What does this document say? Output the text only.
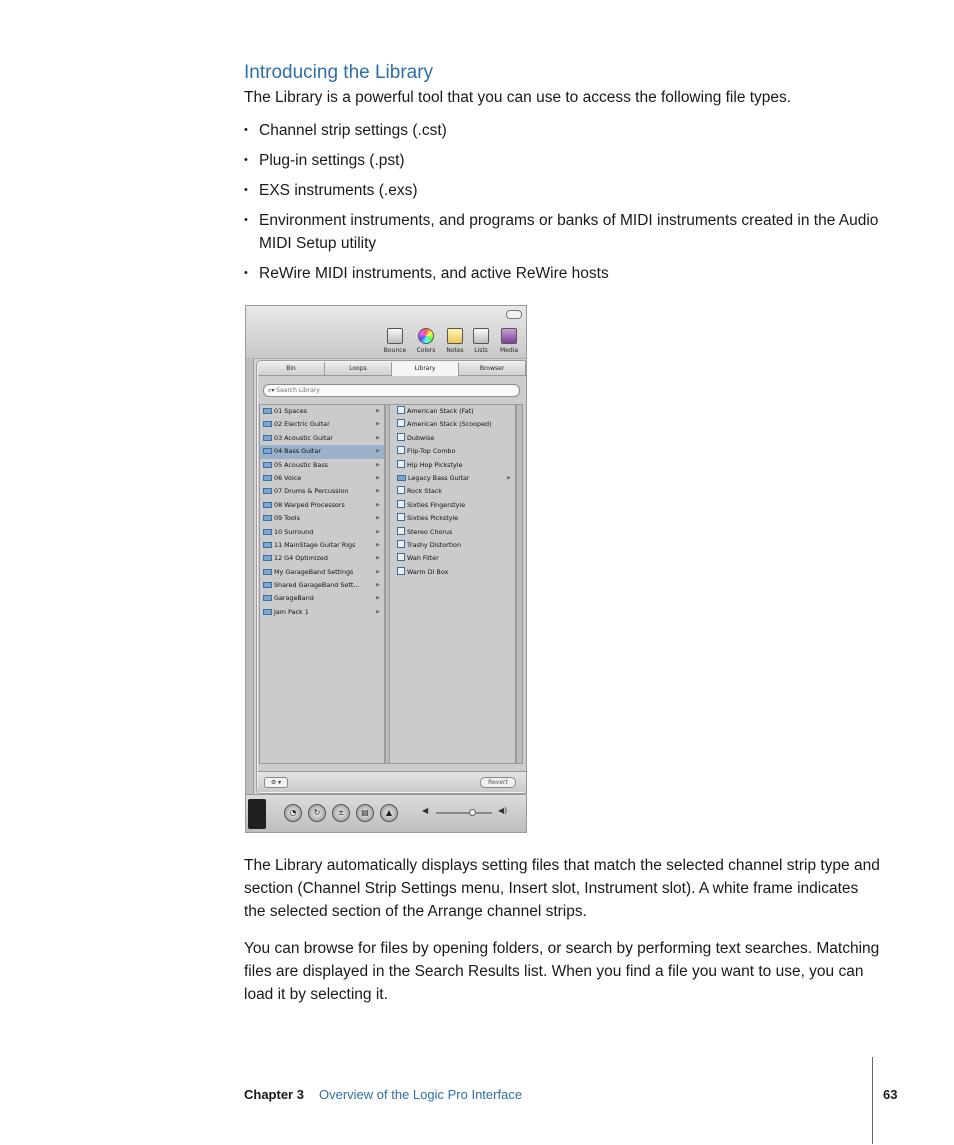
Introducing the Library
The Library is a powerful tool that you can use to access the following file types.
• Channel strip settings (.cst)
• Plug-in settings (.pst)
• EXS instruments (.exs)
• Environment instruments, and programs or banks of MIDI instruments created in the Audio MIDI Setup utility
• ReWire MIDI instruments, and active ReWire hosts
Bounce	Colors	Notes	Lists	Media
Bin	Loops	Library	Browser
⌕▾ Search Library
01 Spaces	▶
02 Electric Guitar	▶
03 Acoustic Guitar	▶
04 Bass Guitar	▶
05 Acoustic Bass	▶
06 Voice	▶
07 Drums & Percussion	▶
08 Warped Processors	▶
09 Tools	▶
10 Surround	▶
11 MainStage Guitar Rigs	▶
12 G4 Optimized	▶
My GarageBand Settings	▶
Shared GarageBand Sett…	▶
GarageBand	▶
Jam Pack 1	▶
American Stack (Fat)
American Stack (Scooped)
Dubwise
Flip-Top Combo
Hip Hop Pickstyle
Legacy Bass Guitar	▶
Rock Stack
Sixties Fingerstyle
Sixties Pickstyle
Stereo Chorus
Trashy Distortion
Wah Filter
Warm DI Box
⚙ ▾	Revert
◔	↻	±	▤	▲	◀	◀)

The Library automatically displays setting files that match the selected channel strip type and section (Channel Strip Settings menu, Insert slot, Instrument slot). A white frame indicates the selected section of the Arrange channel strips.

You can browse for files by opening folders, or search by performing text searches. Matching files are displayed in the Search Results list. When you find a file you want to use, you can load it by selecting it.

Chapter 3 Overview of the Logic Pro Interface	63
